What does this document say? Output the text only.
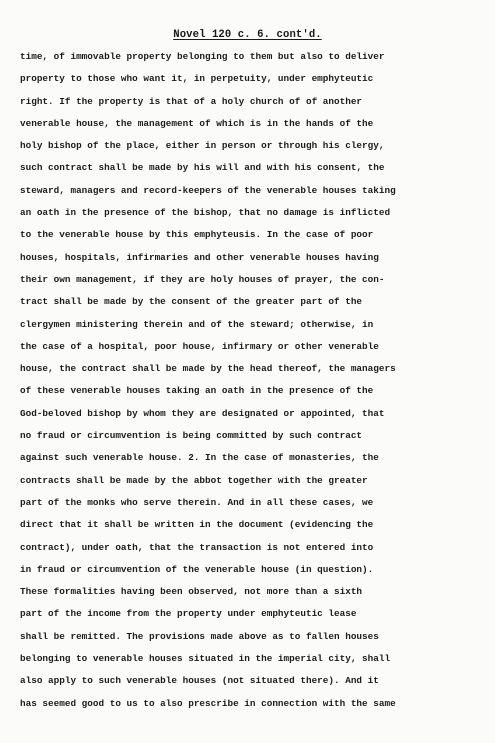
Novel 120 c. 6. cont'd.
time, of immovable property belonging to them but also to deliver
property to those who want it, in perpetuity, under emphyteutic
right. If the property is that of a holy church of of another
venerable house, the management of which is in the hands of the
holy bishop of the place, either in person or through his clergy,
such contract shall be made by his will and with his consent, the
steward, managers and record-keepers of the venerable houses taking
an oath in the presence of the bishop, that no damage is inflicted
to the venerable house by this emphyteusis. In the case of poor
houses, hospitals, infirmaries and other venerable houses having
their own management, if they are holy houses of prayer, the con-
tract shall be made by the consent of the greater part of the
clergymen ministering therein and of the steward; otherwise, in
the case of a hospital, poor house, infirmary or other venerable
house, the contract shall be made by the head thereof, the managers
of these venerable houses taking an oath in the presence of the
God-beloved bishop by whom they are designated or appointed, that
no fraud or circumvention is being committed by such contract
against such venerable house. 2. In the case of monasteries, the
contracts shall be made by the abbot together with the greater
part of the monks who serve therein. And in all these cases, we
direct that it shall be written in the document (evidencing the
contract), under oath, that the transaction is not entered into
in fraud or circumvention of the venerable house (in question).
These formalities having been observed, not more than a sixth
part of the income from the property under emphyteutic lease
shall be remitted. The provisions made above as to fallen houses
belonging to venerable houses situated in the imperial city, shall
also apply to such venerable houses (not situated there). And it
has seemed good to us to also prescribe in connection with the same
